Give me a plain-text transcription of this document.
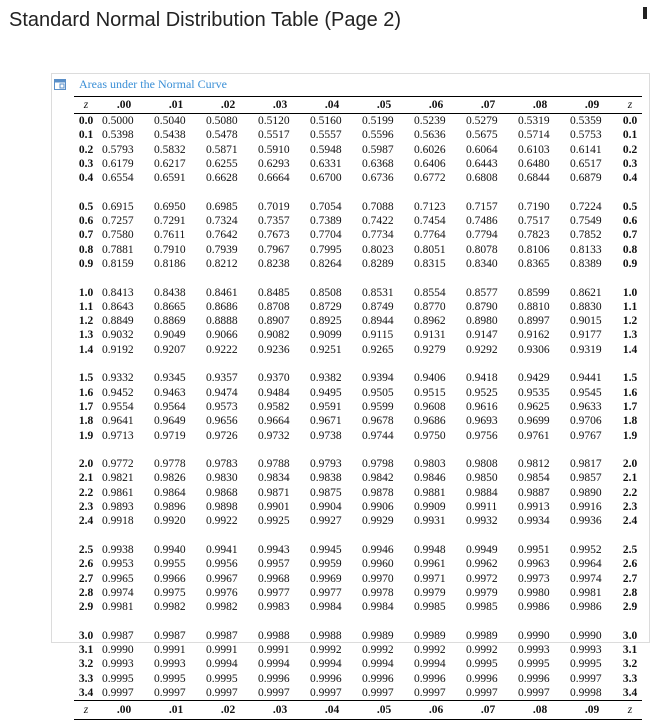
Standard Normal Distribution Table (Page 2)
Areas under the Normal Curve
z	.00	.01	.02	.03	.04	.05	.06	.07	.08	.09	z
0.0	0.5000	0.5040	0.5080	0.5120	0.5160	0.5199	0.5239	0.5279	0.5319	0.5359	0.0
0.1	0.5398	0.5438	0.5478	0.5517	0.5557	0.5596	0.5636	0.5675	0.5714	0.5753	0.1
0.2	0.5793	0.5832	0.5871	0.5910	0.5948	0.5987	0.6026	0.6064	0.6103	0.6141	0.2
0.3	0.6179	0.6217	0.6255	0.6293	0.6331	0.6368	0.6406	0.6443	0.6480	0.6517	0.3
0.4	0.6554	0.6591	0.6628	0.6664	0.6700	0.6736	0.6772	0.6808	0.6844	0.6879	0.4

0.5	0.6915	0.6950	0.6985	0.7019	0.7054	0.7088	0.7123	0.7157	0.7190	0.7224	0.5
0.6	0.7257	0.7291	0.7324	0.7357	0.7389	0.7422	0.7454	0.7486	0.7517	0.7549	0.6
0.7	0.7580	0.7611	0.7642	0.7673	0.7704	0.7734	0.7764	0.7794	0.7823	0.7852	0.7
0.8	0.7881	0.7910	0.7939	0.7967	0.7995	0.8023	0.8051	0.8078	0.8106	0.8133	0.8
0.9	0.8159	0.8186	0.8212	0.8238	0.8264	0.8289	0.8315	0.8340	0.8365	0.8389	0.9

1.0	0.8413	0.8438	0.8461	0.8485	0.8508	0.8531	0.8554	0.8577	0.8599	0.8621	1.0
1.1	0.8643	0.8665	0.8686	0.8708	0.8729	0.8749	0.8770	0.8790	0.8810	0.8830	1.1
1.2	0.8849	0.8869	0.8888	0.8907	0.8925	0.8944	0.8962	0.8980	0.8997	0.9015	1.2
1.3	0.9032	0.9049	0.9066	0.9082	0.9099	0.9115	0.9131	0.9147	0.9162	0.9177	1.3
1.4	0.9192	0.9207	0.9222	0.9236	0.9251	0.9265	0.9279	0.9292	0.9306	0.9319	1.4

1.5	0.9332	0.9345	0.9357	0.9370	0.9382	0.9394	0.9406	0.9418	0.9429	0.9441	1.5
1.6	0.9452	0.9463	0.9474	0.9484	0.9495	0.9505	0.9515	0.9525	0.9535	0.9545	1.6
1.7	0.9554	0.9564	0.9573	0.9582	0.9591	0.9599	0.9608	0.9616	0.9625	0.9633	1.7
1.8	0.9641	0.9649	0.9656	0.9664	0.9671	0.9678	0.9686	0.9693	0.9699	0.9706	1.8
1.9	0.9713	0.9719	0.9726	0.9732	0.9738	0.9744	0.9750	0.9756	0.9761	0.9767	1.9

2.0	0.9772	0.9778	0.9783	0.9788	0.9793	0.9798	0.9803	0.9808	0.9812	0.9817	2.0
2.1	0.9821	0.9826	0.9830	0.9834	0.9838	0.9842	0.9846	0.9850	0.9854	0.9857	2.1
2.2	0.9861	0.9864	0.9868	0.9871	0.9875	0.9878	0.9881	0.9884	0.9887	0.9890	2.2
2.3	0.9893	0.9896	0.9898	0.9901	0.9904	0.9906	0.9909	0.9911	0.9913	0.9916	2.3
2.4	0.9918	0.9920	0.9922	0.9925	0.9927	0.9929	0.9931	0.9932	0.9934	0.9936	2.4

2.5	0.9938	0.9940	0.9941	0.9943	0.9945	0.9946	0.9948	0.9949	0.9951	0.9952	2.5
2.6	0.9953	0.9955	0.9956	0.9957	0.9959	0.9960	0.9961	0.9962	0.9963	0.9964	2.6
2.7	0.9965	0.9966	0.9967	0.9968	0.9969	0.9970	0.9971	0.9972	0.9973	0.9974	2.7
2.8	0.9974	0.9975	0.9976	0.9977	0.9977	0.9978	0.9979	0.9979	0.9980	0.9981	2.8
2.9	0.9981	0.9982	0.9982	0.9983	0.9984	0.9984	0.9985	0.9985	0.9986	0.9986	2.9

3.0	0.9987	0.9987	0.9987	0.9988	0.9988	0.9989	0.9989	0.9989	0.9990	0.9990	3.0
3.1	0.9990	0.9991	0.9991	0.9991	0.9992	0.9992	0.9992	0.9992	0.9993	0.9993	3.1
3.2	0.9993	0.9993	0.9994	0.9994	0.9994	0.9994	0.9994	0.9995	0.9995	0.9995	3.2
3.3	0.9995	0.9995	0.9995	0.9996	0.9996	0.9996	0.9996	0.9996	0.9996	0.9997	3.3
3.4	0.9997	0.9997	0.9997	0.9997	0.9997	0.9997	0.9997	0.9997	0.9997	0.9998	3.4
z	.00	.01	.02	.03	.04	.05	.06	.07	.08	.09	z
